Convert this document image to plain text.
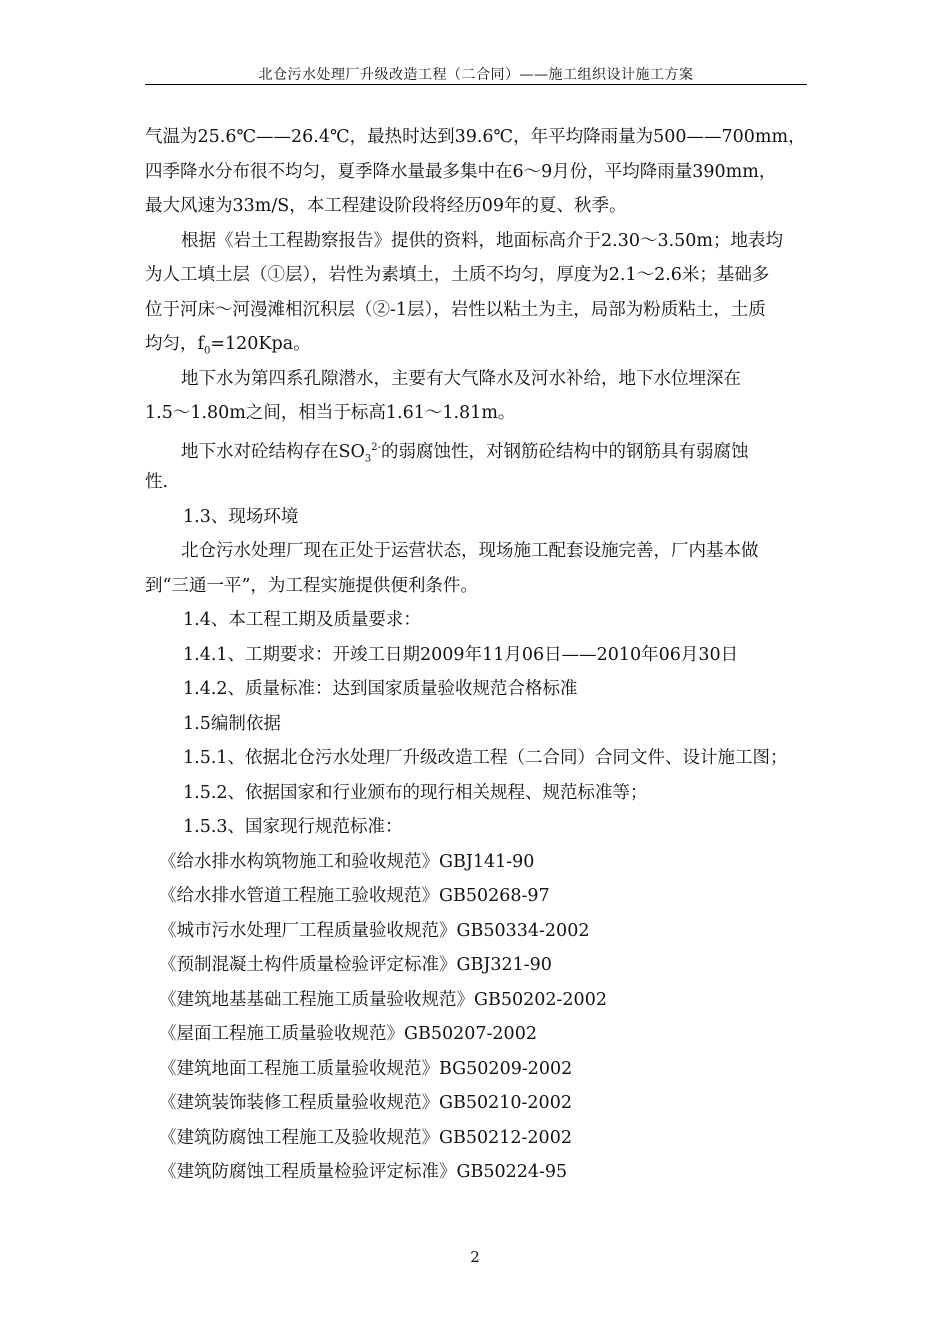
北仓污水处理厂升级改造工程（二合同）——施工组织设计施工方案
气温为25.6℃——26.4℃，最热时达到39.6℃，年平均降雨量为500——700mm，
四季降水分布很不均匀，夏季降水量最多集中在6～9月份，平均降雨量390mm，
最大风速为33m/S，本工程建设阶段将经历09年的夏、秋季。
根据《岩土工程勘察报告》提供的资料，地面标高介于2.30～3.50m；地表均
为人工填土层（①层），岩性为素填土，土质不均匀，厚度为2.1～2.6米；基础多
位于河床～河漫滩相沉积层（②-1层），岩性以粘土为主，局部为粉质粘土，土质
均匀，$f_0=120Kpa$。
地下水为第四系孔隙潜水，主要有大气降水及河水补给，地下水位埋深在
1.5～1.80m之间，相当于标高1.61～1.81m。
地下水对砼结构存在$SO_3^{2-}$的弱腐蚀性，对钢筋砼结构中的钢筋具有弱腐蚀
性.
1.3、现场环境
北仓污水处理厂现在正处于运营状态，现场施工配套设施完善，厂内基本做
到“三通一平”，为工程实施提供便利条件。
1.4、本工程工期及质量要求：
1.4.1、工期要求：开竣工日期2009年11月06日——2010年06月30日
1.4.2、质量标准：达到国家质量验收规范合格标准
1.5编制依据
1.5.1、依据北仓污水处理厂升级改造工程（二合同）合同文件、设计施工图；
1.5.2、依据国家和行业颁布的现行相关规程、规范标准等；
1.5.3、国家现行规范标准：
《给水排水构筑物施工和验收规范》GBJ141-90
《给水排水管道工程施工验收规范》GB50268-97
《城市污水处理厂工程质量验收规范》GB50334-2002
《预制混凝土构件质量检验评定标准》GBJ321-90
《建筑地基基础工程施工质量验收规范》GB50202-2002
《屋面工程施工质量验收规范》GB50207-2002
《建筑地面工程施工质量验收规范》BG50209-2002
《建筑装饰装修工程质量验收规范》GB50210-2002
《建筑防腐蚀工程施工及验收规范》GB50212-2002
《建筑防腐蚀工程质量检验评定标准》GB50224-95
2
